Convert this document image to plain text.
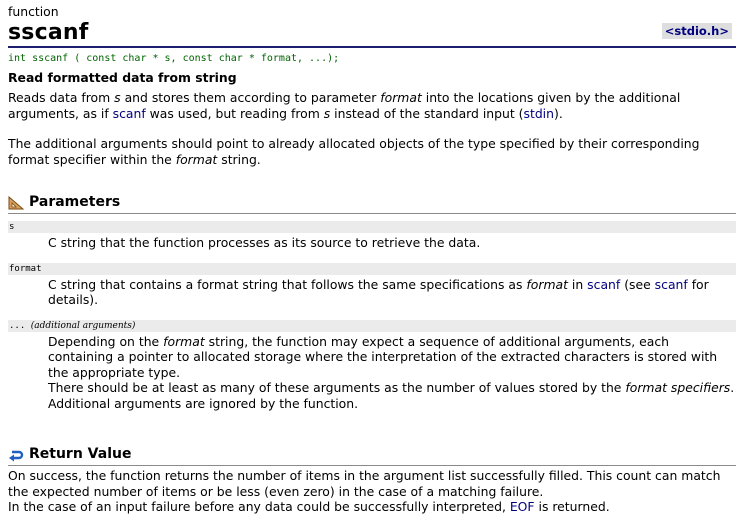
function
sscanf	<stdio.h>
int sscanf ( const char * s, const char * format, ...);
Read formatted data from string

Reads data from s and stores them according to parameter format into the locations given by the additional arguments, as if scanf was used, but reading from s instead of the standard input (stdin).

The additional arguments should point to already allocated objects of the type specified by their corresponding format specifier within the format string.

Parameters
s

C string that the function processes as its source to retrieve the data.

format

C string that contains a format string that follows the same specifications as format in scanf (see scanf for details).

... (additional arguments)

Depending on the format string, the function may expect a sequence of additional arguments, each containing a pointer to allocated storage where the interpretation of the extracted characters is stored with the appropriate type.
There should be at least as many of these arguments as the number of values stored by the format specifiers. Additional arguments are ignored by the function.

Return Value

On success, the function returns the number of items in the argument list successfully filled. This count can match the expected number of items or be less (even zero) in the case of a matching failure.

In the case of an input failure before any data could be successfully interpreted, EOF is returned.
